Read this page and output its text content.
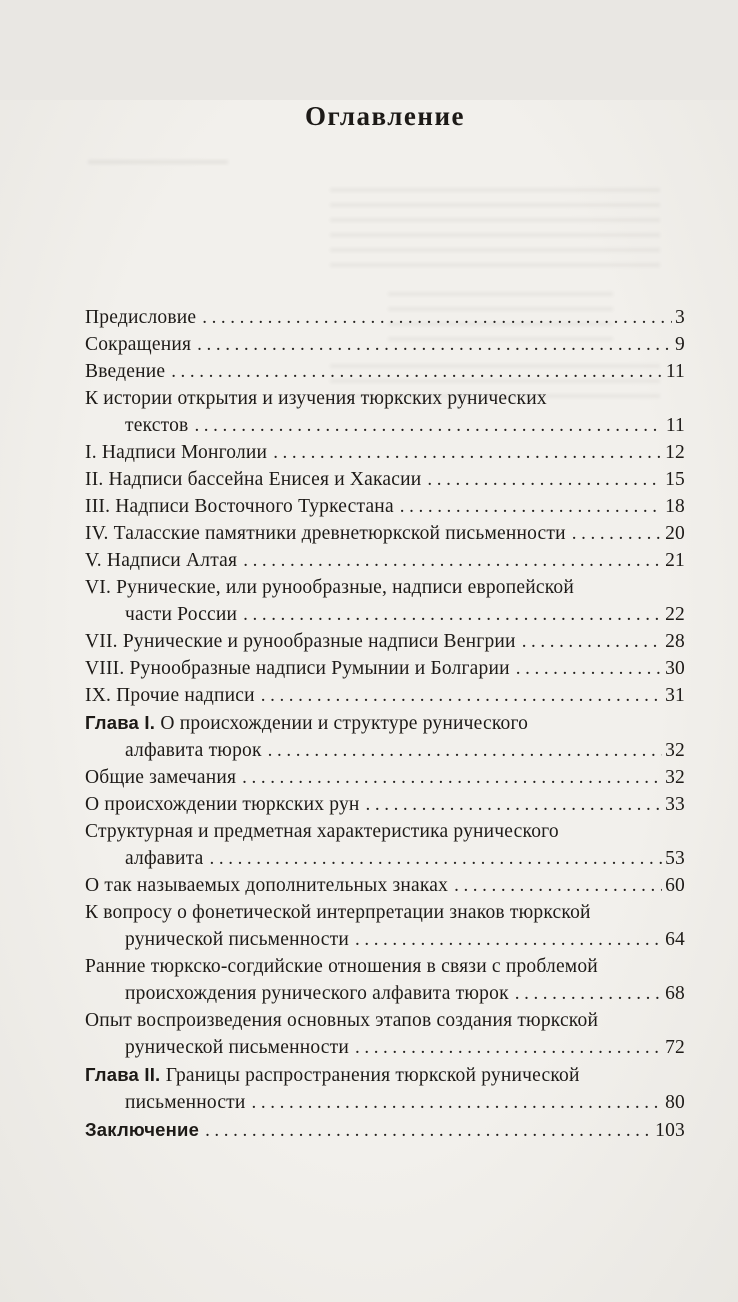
Оглавление
Предисловие .....	3
Сокращения .....	9
Введение .....	11
К истории открытия и изучения тюркских рунических
текстов .....	11
I. Надписи Монголии .....	12
II. Надписи бассейна Енисея и Хакасии .....	15
III. Надписи Восточного Туркестана .....	18
IV. Таласские памятники древнетюркской письменности .....	20
V. Надписи Алтая .....	21
VI. Рунические, или рунообразные, надписи европейской
части России .....	22
VII. Рунические и рунообразные надписи Венгрии .....	28
VIII. Рунообразные надписи Румынии и Болгарии .....	30
IX. Прочие надписи .....	31
Глава I. О происхождении и структуре рунического
алфавита тюрок .....	32
Общие замечания .....	32
О происхождении тюркских рун .....	33
Структурная и предметная характеристика рунического
алфавита .....	53
О так называемых дополнительных знаках .....	60
К вопросу о фонетической интерпретации знаков тюркской
рунической письменности .....	64
Ранние тюркско-согдийские отношения в связи с проблемой
происхождения рунического алфавита тюрок .....	68
Опыт воспроизведения основных этапов создания тюркской
рунической письменности .....	72
Глава II. Границы распространения тюркской рунической
письменности .....	80
Заключение .....	103
